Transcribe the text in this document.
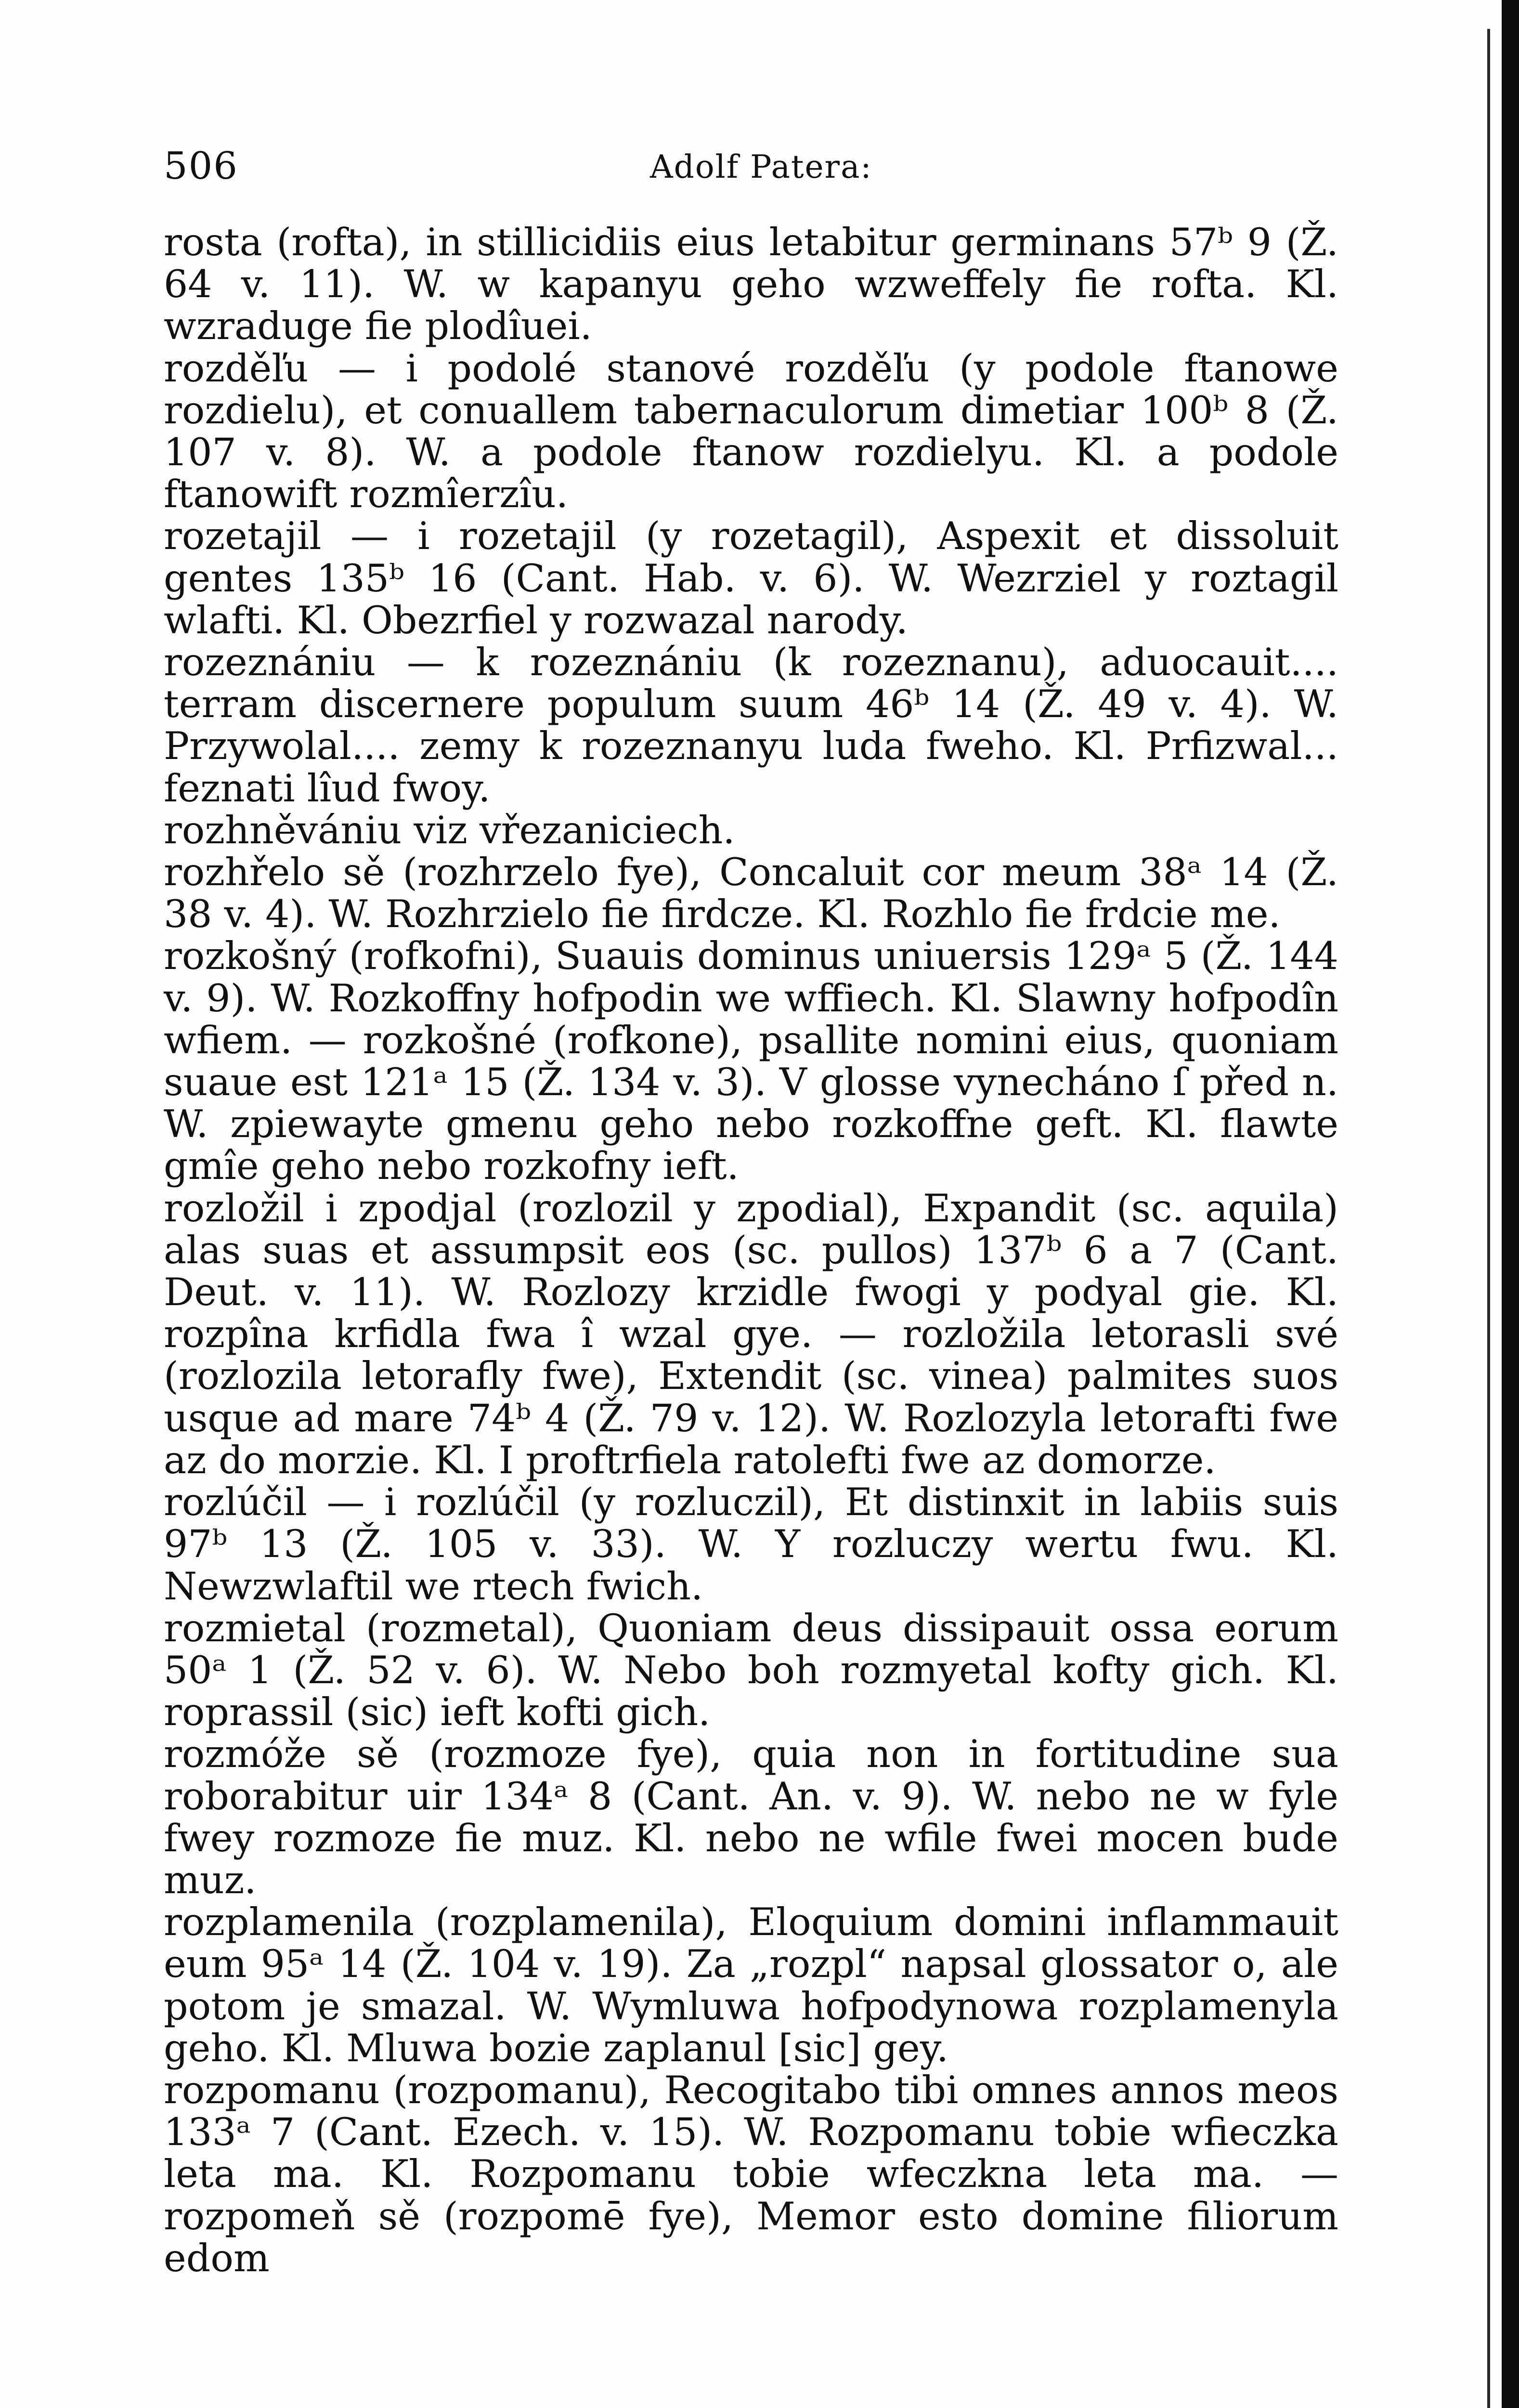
506	Adolf Patera:

rosta (rofta), in stillicidiis eius letabitur germinans 57ᵇ 9 (Ž. 64 v. 11). W. w kapanyu geho wzweffely fie rofta. Kl. wzraduge fie plodîuei.

rozděľu — i podolé stanové rozděľu (y podole ftanowe rozdielu), et conuallem tabernaculorum dimetiar 100ᵇ 8 (Ž. 107 v. 8). W. a podole ftanow rozdielyu. Kl. a podole ftanowift rozmîerzîu.

rozetajil — i rozetajil (y rozetagil), Aspexit et dissoluit gentes 135ᵇ 16 (Cant. Hab. v. 6). W. Wezrziel y roztagil wlafti. Kl. Obezrfiel y rozwazal narody.

rozeznániu — k rozeznániu (k rozeznanu), aduocauit.... terram discernere populum suum 46ᵇ 14 (Ž. 49 v. 4). W. Przywolal.... zemy k rozeznanyu luda fweho. Kl. Prfizwal... feznati lîud fwoy.

rozhněvániu viz vřezaniciech.

rozhřelo sě (rozhrzelo fye), Concaluit cor meum 38ᵃ 14 (Ž. 38 v. 4). W. Rozhrzielo fie firdcze. Kl. Rozhlo fie frdcie me.

rozkošný (rofkofni), Suauis dominus uniuersis 129ᵃ 5 (Ž. 144 v. 9). W. Rozkoffny hofpodin we wffiech. Kl. Slawny hofpodîn wfiem. — rozkošné (rofkone), psallite nomini eius, quoniam suaue est 121ᵃ 15 (Ž. 134 v. 3). V glosse vynecháno ſ před n. W. zpiewayte gmenu geho nebo rozkoffne geft. Kl. flawte gmîe geho nebo rozkofny ieft.

rozložil i zpodjal (rozlozil y zpodial), Expandit (sc. aquila) alas suas et assumpsit eos (sc. pullos) 137ᵇ 6 a 7 (Cant. Deut. v. 11). W. Rozlozy krzidle fwogi y podyal gie. Kl. rozpîna krfidla fwa î wzal gye. — rozložila letorasli své (rozlozila letorafly fwe), Extendit (sc. vinea) palmites suos usque ad mare 74ᵇ 4 (Ž. 79 v. 12). W. Rozlozyla letorafti fwe az do morzie. Kl. I proftrfiela ratolefti fwe az domorze.

rozlúčil — i rozlúčil (y rozluczil), Et distinxit in labiis suis 97ᵇ 13 (Ž. 105 v. 33). W. Y rozluczy wertu fwu. Kl. Newzwlaftil we rtech fwich.

rozmietal (rozmetal), Quoniam deus dissipauit ossa eorum 50ᵃ 1 (Ž. 52 v. 6). W. Nebo boh rozmyetal kofty gich. Kl. roprassil (sic) ieft kofti gich.

rozmóže sě (rozmoze fye), quia non in fortitudine sua roborabitur uir 134ᵃ 8 (Cant. An. v. 9). W. nebo ne w fyle fwey rozmoze fie muz. Kl. nebo ne wfile fwei mocen bude muz.

rozplamenila (rozplamenila), Eloquium domini inflammauit eum 95ᵃ 14 (Ž. 104 v. 19). Za „rozpl“ napsal glossator o, ale potom je smazal. W. Wymluwa hofpodynowa rozplamenyla geho. Kl. Mluwa bozie zaplanul [sic] gey.

rozpomanu (rozpomanu), Recogitabo tibi omnes annos meos 133ᵃ 7 (Cant. Ezech. v. 15). W. Rozpomanu tobie wfieczka leta ma. Kl. Rozpomanu tobie wfeczkna leta ma. — rozpomeň sě (rozpomē fye), Memor esto domine filiorum edom
